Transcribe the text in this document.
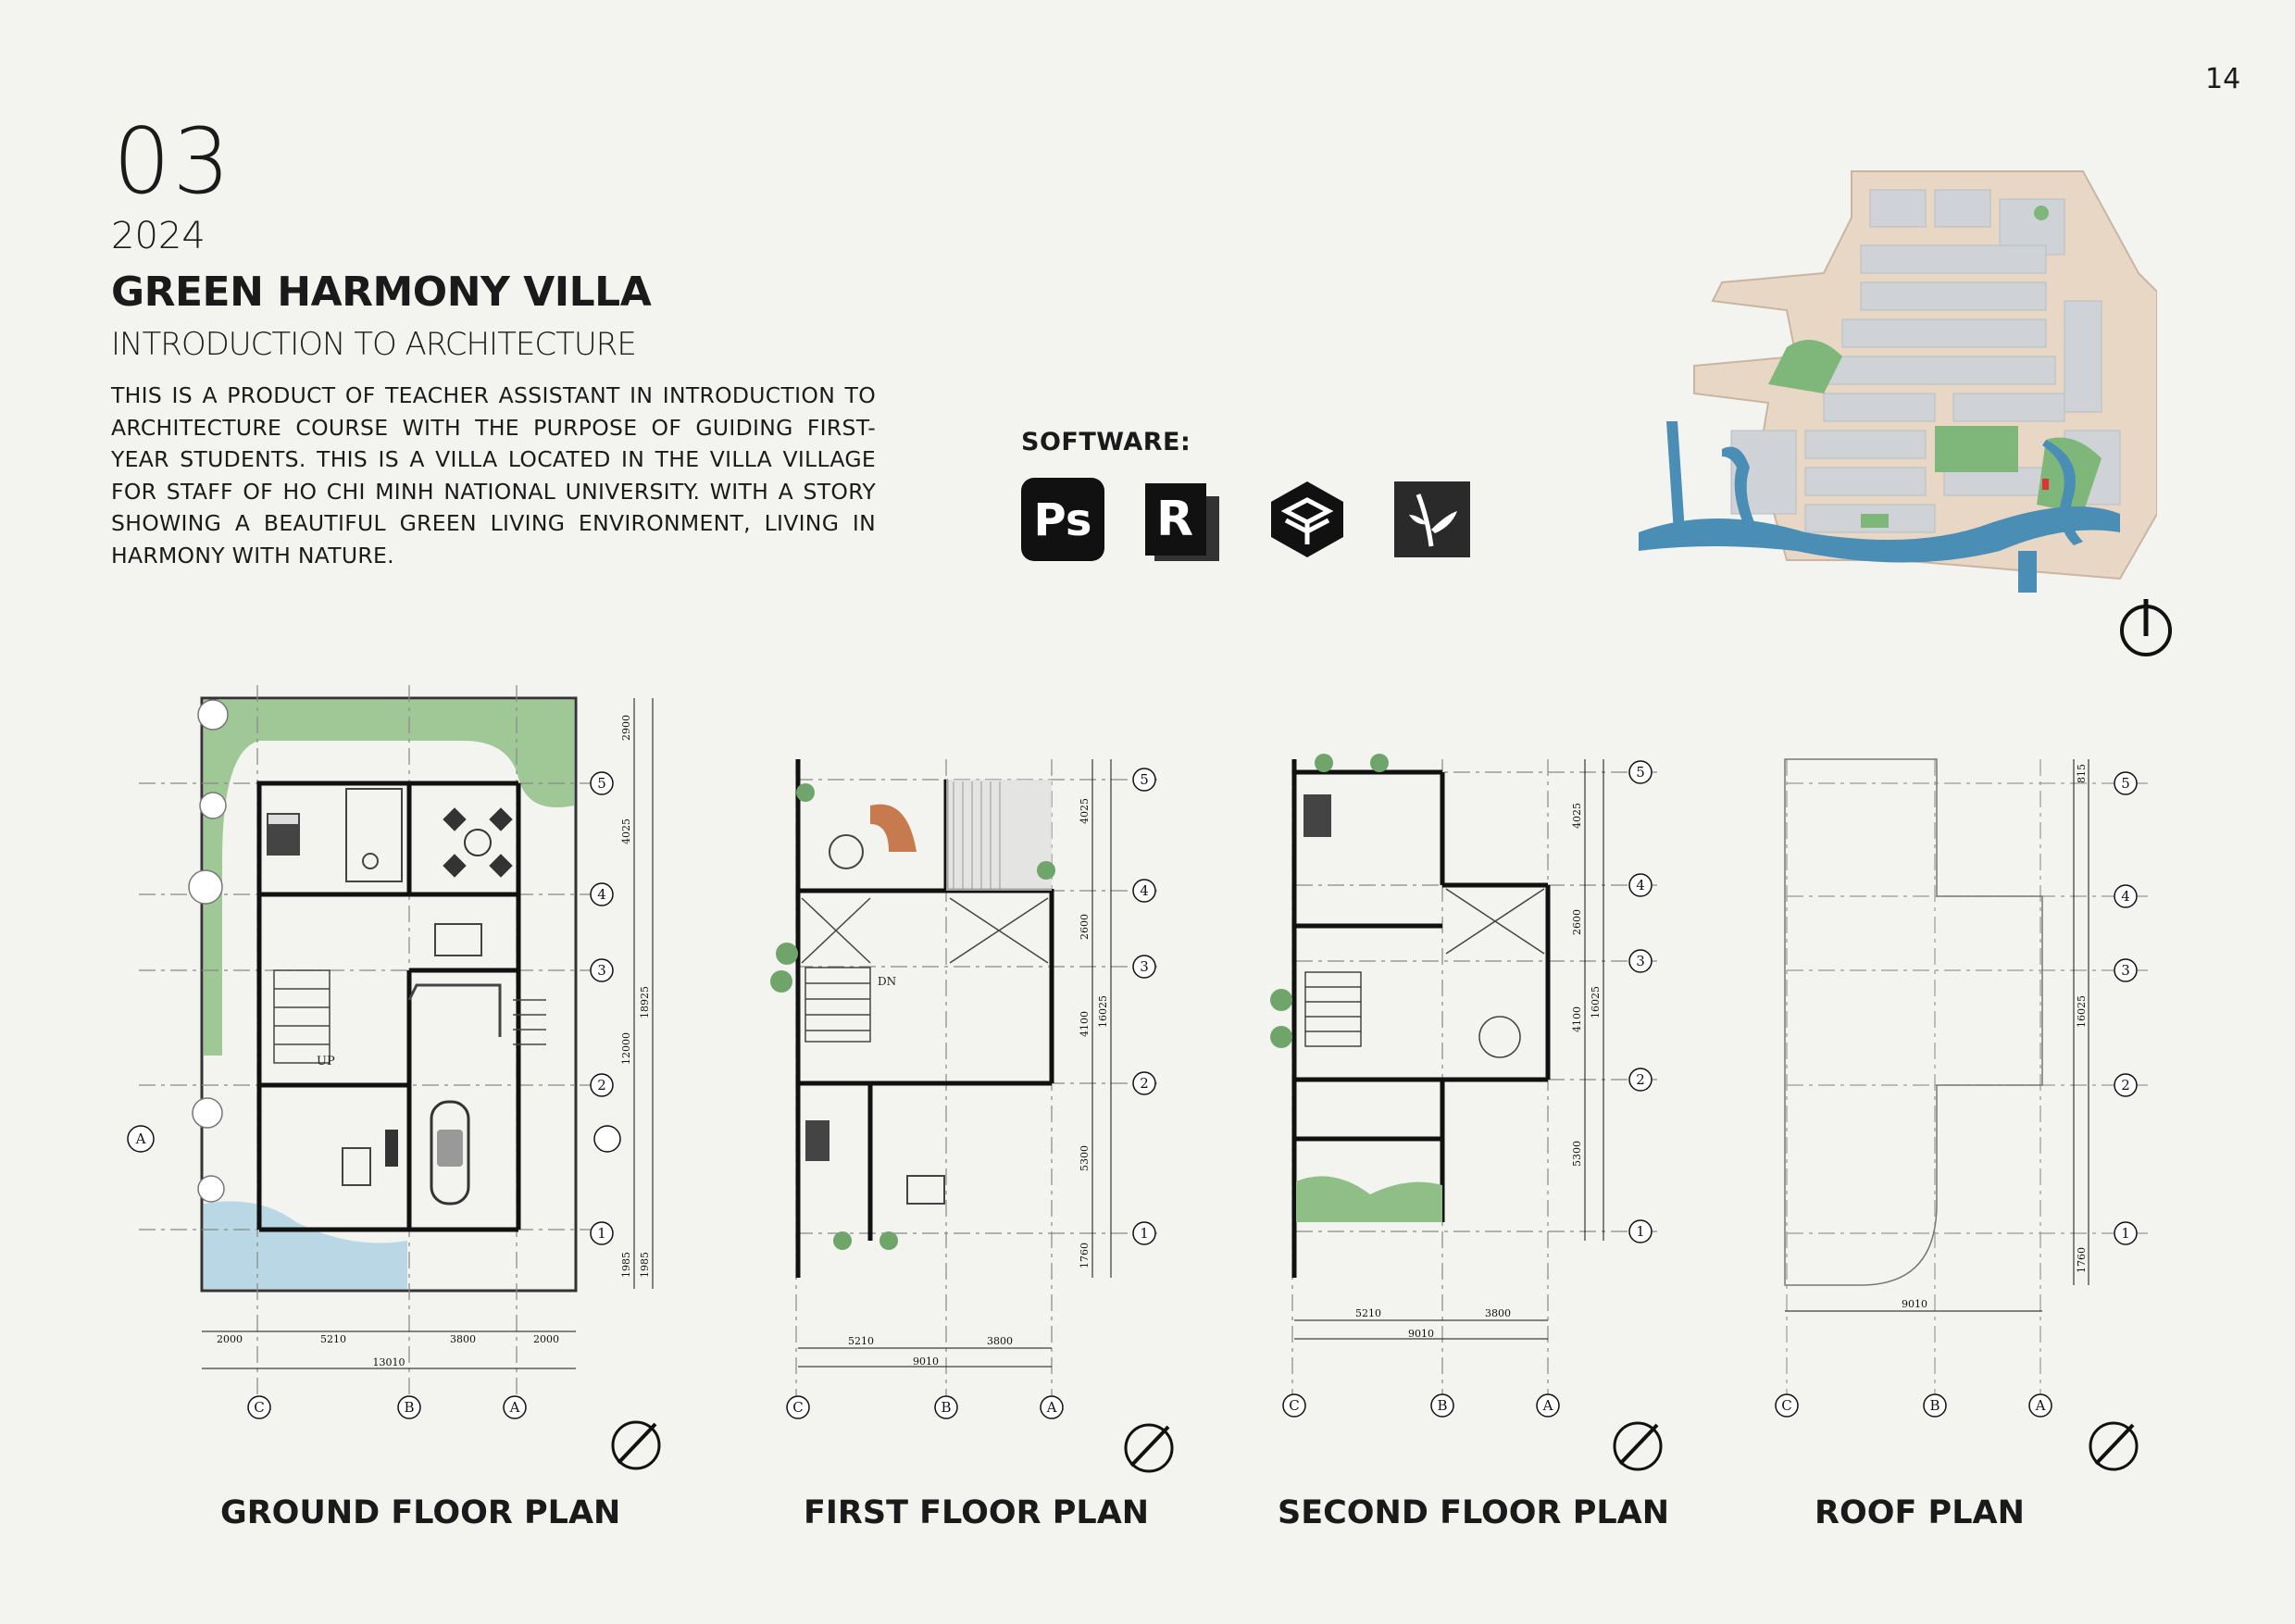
14
03
2024
GREEN HARMONY VILLA
INTRODUCTION TO ARCHITECTURE
THIS IS A PRODUCT OF TEACHER ASSISTANT IN INTRODUCTION TO ARCHITECTURE COURSE WITH THE PURPOSE OF GUIDING FIRST-YEAR STUDENTS. THIS IS A VILLA LOCATED IN THE VILLA VILLAGE FOR STAFF OF HO CHI MINH NATIONAL UNIVERSITY. WITH A STORY SHOWING A BEAUTIFUL GREEN LIVING ENVIRONMENT, LIVING IN HARMONY WITH NATURE.
SOFTWARE:
Ps R
UP
5
4
3
2
1
C	B	A
A
2000	5210	3800	2000
13010
2900
4025
12000
1985
18925
1985
GROUND FLOOR PLAN
DN
5
4
3
2
1
C	B	A
5210	3800
9010
4025
2600
4100
5300
1760
16025
FIRST FLOOR PLAN
5
4
3
2
1
C	B	A
5210	3800
9010
4025
2600
4100
5300
16025
SECOND FLOOR PLAN
5
4
3
2
1
C	B	A
9010
815
1760
16025
ROOF PLAN
